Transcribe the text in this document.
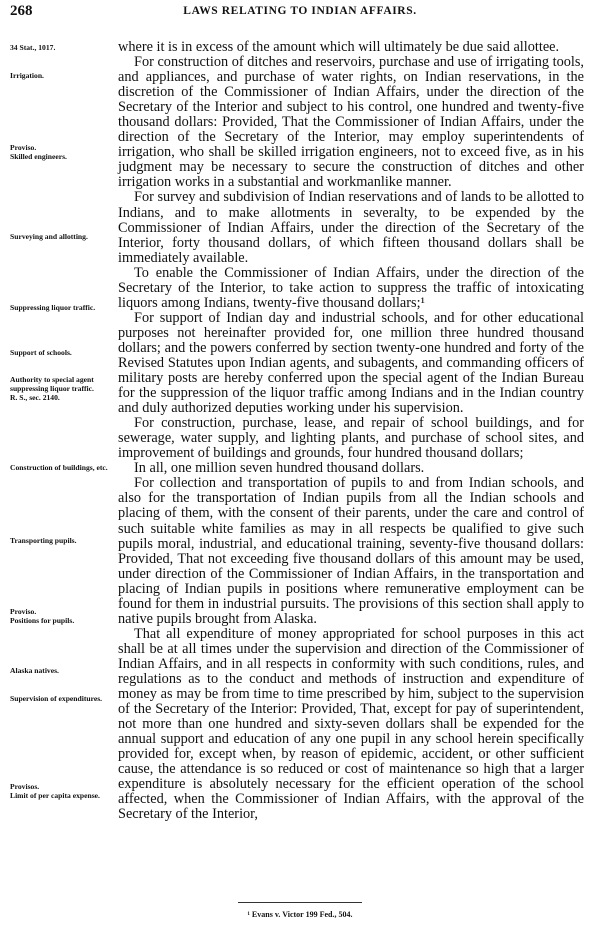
268	LAWS RELATING TO INDIAN AFFAIRS.
34 Stat., 1017.
Irrigation.
Proviso.
Skilled engineers.
Surveying and allotting.
Suppressing liquor traffic.
Support of schools.
Authority to special agent suppressing liquor traffic.
R. S., sec. 2140.
Construction of buildings, etc.
Transporting pupils.
Proviso.
Positions for pupils.
Alaska natives.
Supervision of expenditures.
Provisos.
Limit of per capita expense.

where it is in excess of the amount which will ultimately be due said allottee.

For construction of ditches and reservoirs, purchase and use of irrigating tools, and appliances, and purchase of water rights, on Indian reservations, in the discretion of the Commissioner of Indian Affairs, under the direction of the Secretary of the Interior and subject to his control, one hundred and twenty-five thousand dollars: Provided, That the Commissioner of Indian Affairs, under the direction of the Secretary of the Interior, may employ superintendents of irrigation, who shall be skilled irrigation engineers, not to exceed five, as in his judgment may be necessary to secure the construction of ditches and other irrigation works in a substantial and workmanlike manner.

For survey and subdivision of Indian reservations and of lands to be allotted to Indians, and to make allotments in severalty, to be expended by the Commissioner of Indian Affairs, under the direction of the Secretary of the Interior, forty thousand dollars, of which fifteen thousand dollars shall be immediately available.

To enable the Commissioner of Indian Affairs, under the direction of the Secretary of the Interior, to take action to suppress the traffic of intoxicating liquors among Indians, twenty-five thousand dollars;¹

For support of Indian day and industrial schools, and for other educational purposes not hereinafter provided for, one million three hundred thousand dollars; and the powers conferred by section twenty-one hundred and forty of the Revised Statutes upon Indian agents, and subagents, and commanding officers of military posts are hereby conferred upon the special agent of the Indian Bureau for the suppression of the liquor traffic among Indians and in the Indian country and duly authorized deputies working under his supervision.

For construction, purchase, lease, and repair of school buildings, and for sewerage, water supply, and lighting plants, and purchase of school sites, and improvement of buildings and grounds, four hundred thousand dollars;

In all, one million seven hundred thousand dollars.

For collection and transportation of pupils to and from Indian schools, and also for the transportation of Indian pupils from all the Indian schools and placing of them, with the consent of their parents, under the care and control of such suitable white families as may in all respects be qualified to give such pupils moral, industrial, and educational training, seventy-five thousand dollars: Provided, That not exceeding five thousand dollars of this amount may be used, under direction of the Commissioner of Indian Affairs, in the transportation and placing of Indian pupils in positions where remunerative employment can be found for them in industrial pursuits. The provisions of this section shall apply to native pupils brought from Alaska.

That all expenditure of money appropriated for school purposes in this act shall be at all times under the supervision and direction of the Commissioner of Indian Affairs, and in all respects in conformity with such conditions, rules, and regulations as to the conduct and methods of instruction and expenditure of money as may be from time to time prescribed by him, subject to the supervision of the Secretary of the Interior: Provided, That, except for pay of superintendent, not more than one hundred and sixty-seven dollars shall be expended for the annual support and education of any one pupil in any school herein specifically provided for, except when, by reason of epidemic, accident, or other sufficient cause, the attendance is so reduced or cost of maintenance so high that a larger expenditure is absolutely necessary for the efficient operation of the school affected, when the Commissioner of Indian Affairs, with the approval of the Secretary of the Interior,

¹ Evans v. Victor 199 Fed., 504.
